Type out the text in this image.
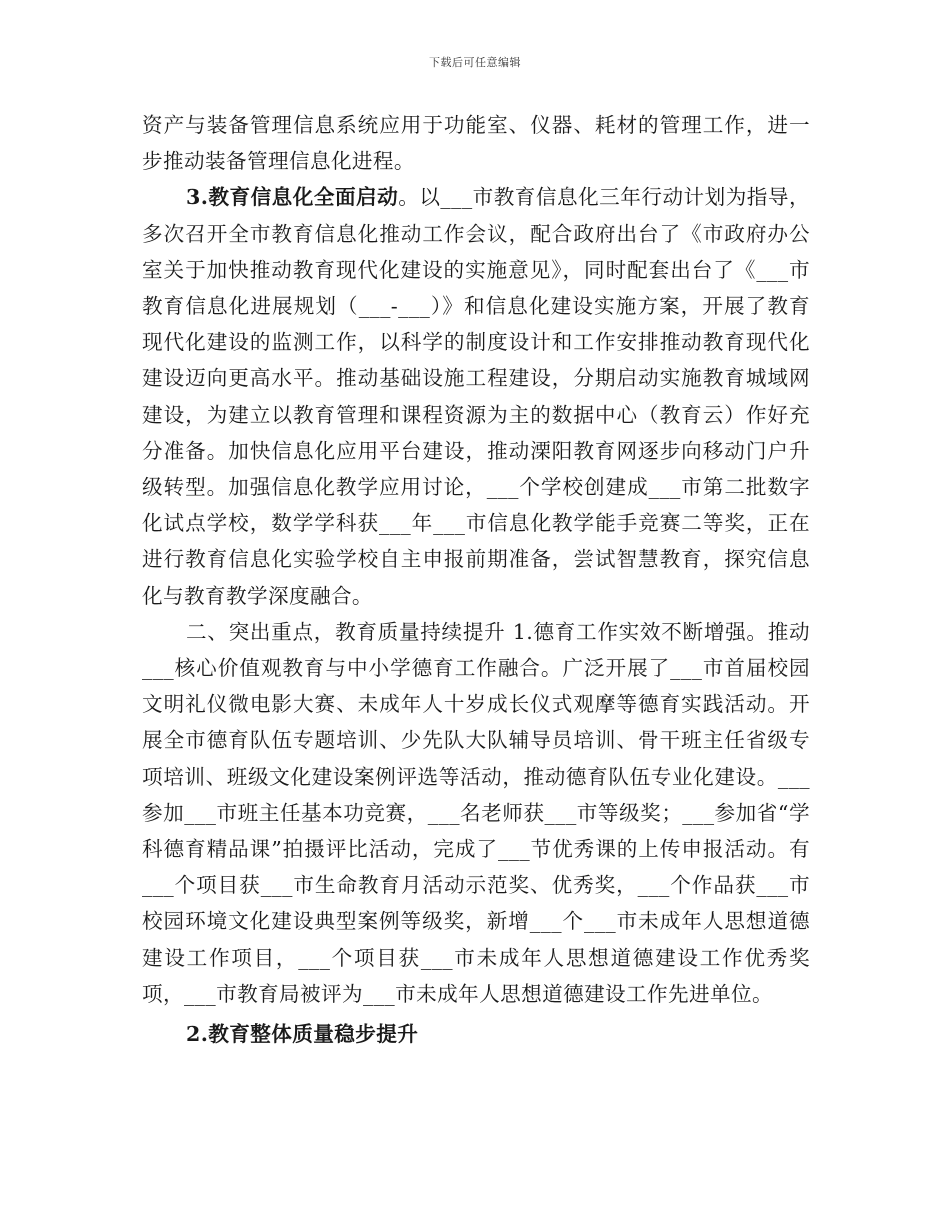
下载后可任意编辑

资产与装备管理信息系统应用于功能室、仪器、耗材的管理工作，进一步推动装备管理信息化进程。

3.教育信息化全面启动。以___市教育信息化三年行动计划为指导，多次召开全市教育信息化推动工作会议，配合政府出台了《市政府办公室关于加快推动教育现代化建设的实施意见》，同时配套出台了《___市教育信息化进展规划（___-___）》和信息化建设实施方案，开展了教育现代化建设的监测工作，以科学的制度设计和工作安排推动教育现代化建设迈向更高水平。推动基础设施工程建设，分期启动实施教育城域网建设，为建立以教育管理和课程资源为主的数据中心（教育云）作好充分准备。加快信息化应用平台建设，推动溧阳教育网逐步向移动门户升级转型。加强信息化教学应用讨论，___个学校创建成___市第二批数字化试点学校，数学学科获___年___市信息化教学能手竞赛二等奖，正在进行教育信息化实验学校自主申报前期准备，尝试智慧教育，探究信息化与教育教学深度融合。

二、突出重点，教育质量持续提升 1.德育工作实效不断增强。推动___核心价值观教育与中小学德育工作融合。广泛开展了___市首届校园文明礼仪微电影大赛、未成年人十岁成长仪式观摩等德育实践活动。开展全市德育队伍专题培训、少先队大队辅导员培训、骨干班主任省级专项培训、班级文化建设案例评选等活动，推动德育队伍专业化建设。___参加___市班主任基本功竞赛，___名老师获___市等级奖；___参加省“学科德育精品课”拍摄评比活动，完成了___节优秀课的上传申报活动。有___个项目获___市生命教育月活动示范奖、优秀奖，___个作品获___市校园环境文化建设典型案例等级奖，新增___个___市未成年人思想道德建设工作项目，___个项目获___市未成年人思想道德建设工作优秀奖项，___市教育局被评为___市未成年人思想道德建设工作先进单位。

2.教育整体质量稳步提升
